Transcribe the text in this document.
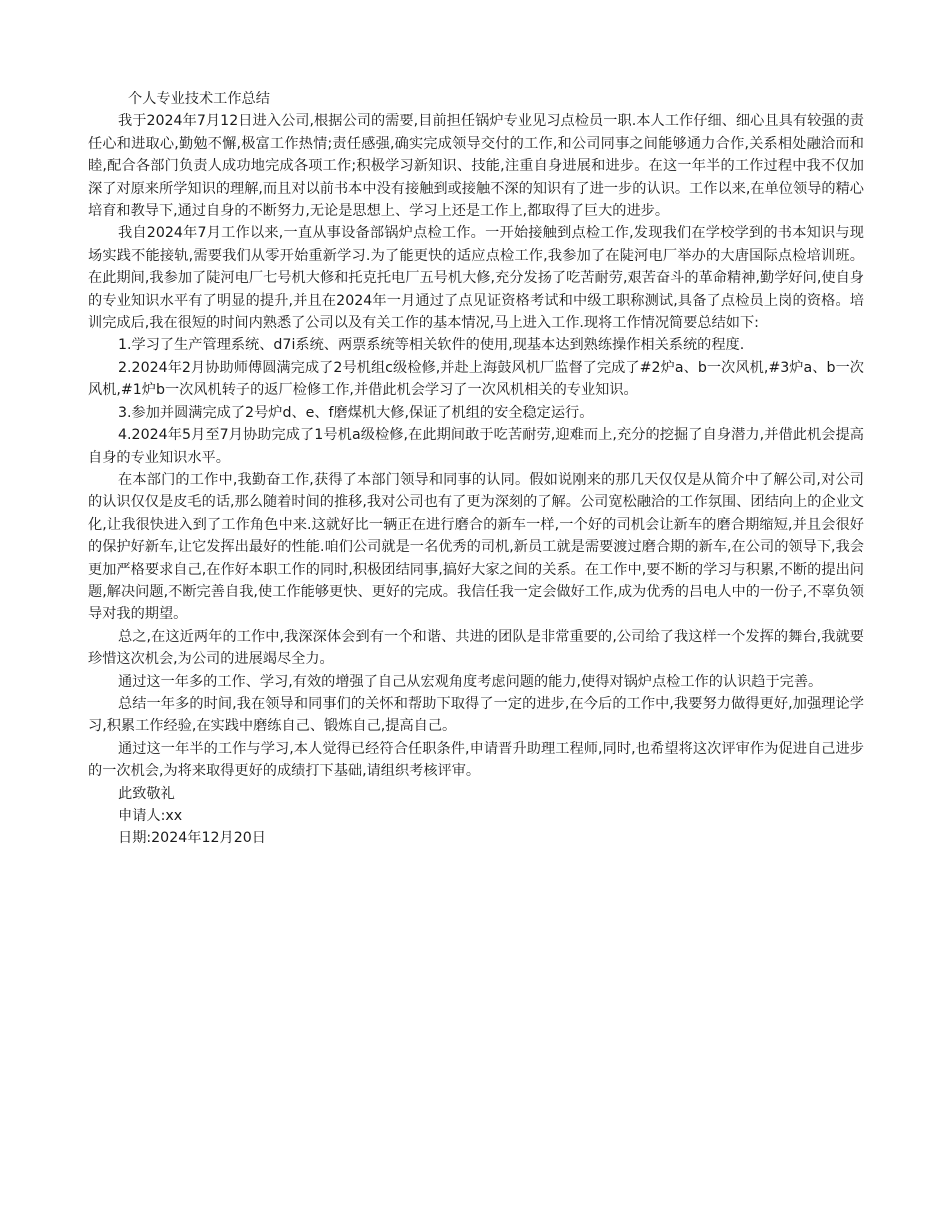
个人专业技术工作总结

我于2024年7月12日进入公司,根据公司的需要,目前担任锅炉专业见习点检员一职.本人工作仔细、细心且具有较强的责任心和进取心,勤勉不懈,极富工作热情;责任感强,确实完成领导交付的工作,和公司同事之间能够通力合作,关系相处融洽而和睦,配合各部门负责人成功地完成各项工作;积极学习新知识、技能,注重自身进展和进步。在这一年半的工作过程中我不仅加深了对原来所学知识的理解,而且对以前书本中没有接触到或接触不深的知识有了进一步的认识。工作以来,在单位领导的精心培育和教导下,通过自身的不断努力,无论是思想上、学习上还是工作上,都取得了巨大的进步。

我自2024年7月工作以来,一直从事设备部锅炉点检工作。一开始接触到点检工作,发现我们在学校学到的书本知识与现场实践不能接轨,需要我们从零开始重新学习.为了能更快的适应点检工作,我参加了在陡河电厂举办的大唐国际点检培训班。在此期间,我参加了陡河电厂七号机大修和托克托电厂五号机大修,充分发扬了吃苦耐劳,艰苦奋斗的革命精神,勤学好问,使自身的专业知识水平有了明显的提升,并且在2024年一月通过了点见证资格考试和中级工职称测试,具备了点检员上岗的资格。培训完成后,我在很短的时间内熟悉了公司以及有关工作的基本情况,马上进入工作.现将工作情况简要总结如下:

1.学习了生产管理系统、d7i系统、两票系统等相关软件的使用,现基本达到熟练操作相关系统的程度.

2.2024年2月协助师傅圆满完成了2号机组c级检修,并赴上海鼓风机厂监督了完成了#2炉a、b一次风机,#3炉a、b一次风机,#1炉b一次风机转子的返厂检修工作,并借此机会学习了一次风机相关的专业知识。

3.参加并圆满完成了2号炉d、e、f磨煤机大修,保证了机组的安全稳定运行。

4.2024年5月至7月协助完成了1号机a级检修,在此期间敢于吃苦耐劳,迎难而上,充分的挖掘了自身潜力,并借此机会提高自身的专业知识水平。

在本部门的工作中,我勤奋工作,获得了本部门领导和同事的认同。假如说刚来的那几天仅仅是从简介中了解公司,对公司的认识仅仅是皮毛的话,那么随着时间的推移,我对公司也有了更为深刻的了解。公司宽松融洽的工作氛围、团结向上的企业文化,让我很快进入到了工作角色中来.这就好比一辆正在进行磨合的新车一样,一个好的司机会让新车的磨合期缩短,并且会很好的保护好新车,让它发挥出最好的性能.咱们公司就是一名优秀的司机,新员工就是需要渡过磨合期的新车,在公司的领导下,我会更加严格要求自己,在作好本职工作的同时,积极团结同事,搞好大家之间的关系。在工作中,要不断的学习与积累,不断的提出问题,解决问题,不断完善自我,使工作能够更快、更好的完成。我信任我一定会做好工作,成为优秀的吕电人中的一份子,不辜负领导对我的期望。

总之,在这近两年的工作中,我深深体会到有一个和谐、共进的团队是非常重要的,公司给了我这样一个发挥的舞台,我就要珍惜这次机会,为公司的进展竭尽全力。

通过这一年多的工作、学习,有效的增强了自己从宏观角度考虑问题的能力,使得对锅炉点检工作的认识趋于完善。

总结一年多的时间,我在领导和同事们的关怀和帮助下取得了一定的进步,在今后的工作中,我要努力做得更好,加强理论学习,积累工作经验,在实践中磨练自己、锻炼自己,提高自己。

通过这一年半的工作与学习,本人觉得已经符合任职条件,申请晋升助理工程师,同时,也希望将这次评审作为促进自己进步的一次机会,为将来取得更好的成绩打下基础,请组织考核评审。

此致敬礼

申请人:xx

日期:2024年12月20日
